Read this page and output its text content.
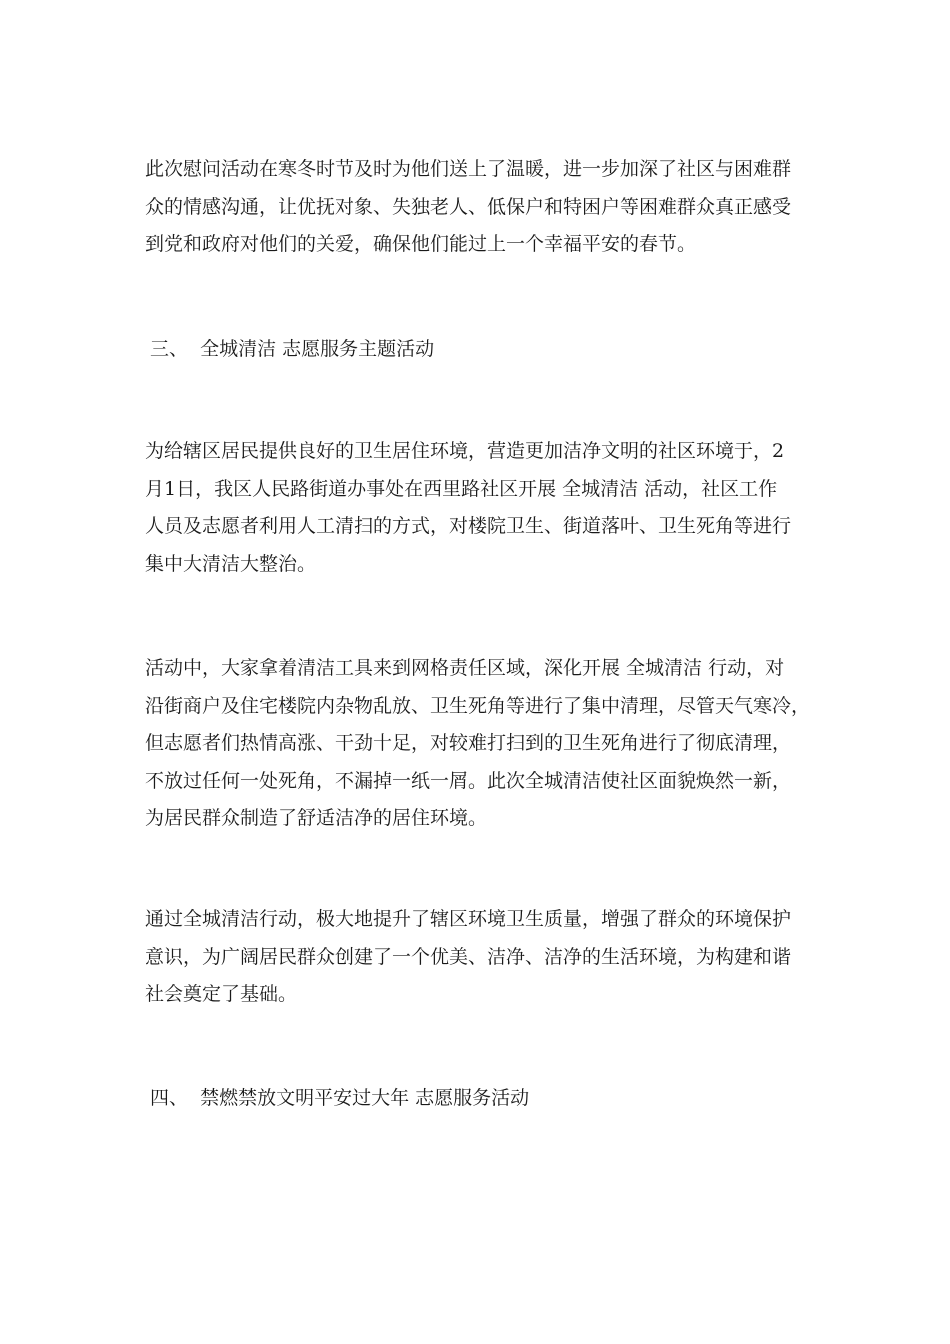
此次慰问活动在寒冬时节及时为他们送上了温暖，进一步加深了社区与困难群
众的情感沟通，让优抚对象、失独老人、低保户和特困户等困难群众真正感受
到党和政府对他们的关爱，确保他们能过上一个幸福平安的春节。
三、  全城清洁 志愿服务主题活动
为给辖区居民提供良好的卫生居住环境，营造更加洁净文明的社区环境于，2
月1日，我区人民路街道办事处在西里路社区开展 全城清洁 活动，社区工作
人员及志愿者利用人工清扫的方式，对楼院卫生、街道落叶、卫生死角等进行
集中大清洁大整治。
活动中，大家拿着清洁工具来到网格责任区域，深化开展 全城清洁 行动，对
沿街商户及住宅楼院内杂物乱放、卫生死角等进行了集中清理，尽管天气寒冷，
但志愿者们热情高涨、干劲十足，对较难打扫到的卫生死角进行了彻底清理，
不放过任何一处死角，不漏掉一纸一屑。此次全城清洁使社区面貌焕然一新，
为居民群众制造了舒适洁净的居住环境。
通过全城清洁行动，极大地提升了辖区环境卫生质量，增强了群众的环境保护
意识，为广阔居民群众创建了一个优美、洁净、洁净的生活环境，为构建和谐
社会奠定了基础。
四、  禁燃禁放文明平安过大年 志愿服务活动
